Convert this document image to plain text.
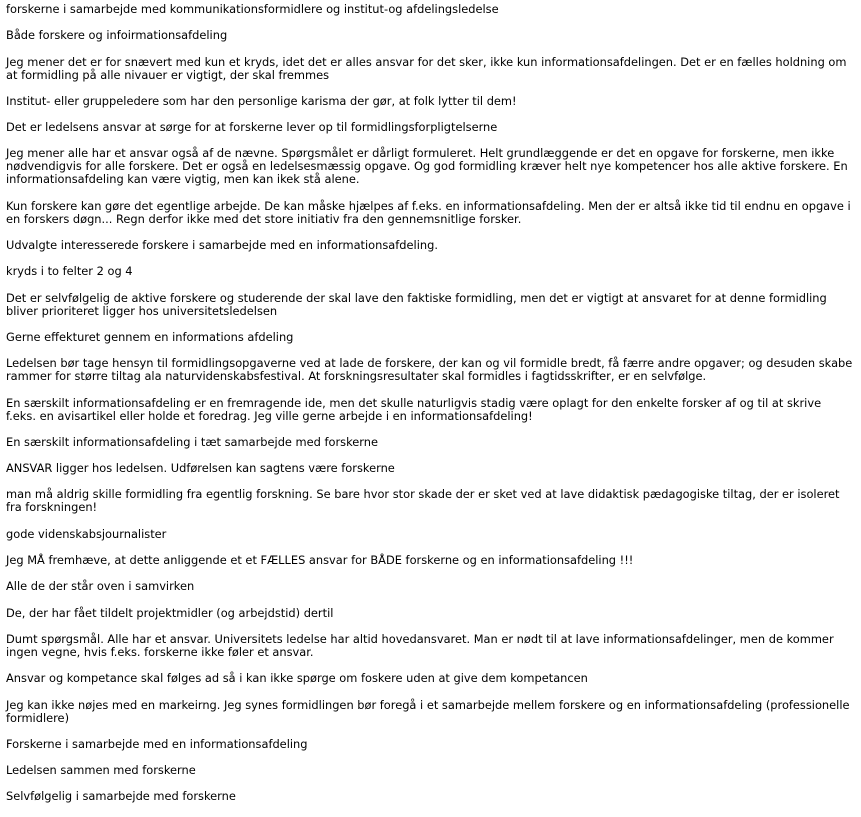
forskerne i samarbejde med kommunikationsformidlere og institut-og afdelingsledelse

Både forskere og infoirmationsafdeling

Jeg mener det er for snævert med kun et kryds, idet det er alles ansvar for det sker, ikke kun informationsafdelingen. Det er en fælles holdning om at formidling på alle nivauer er vigtigt, der skal fremmes

Institut- eller gruppeledere som har den personlige karisma der gør, at folk lytter til dem!

Det er ledelsens ansvar at sørge for at forskerne lever op til formidlingsforpligtelserne

Jeg mener alle har et ansvar også af de nævne. Spørgsmålet er dårligt formuleret. Helt grundlæggende er det en opgave for forskerne, men ikke nødvendigvis for alle forskere. Det er også en ledelsesmæssig opgave. Og god formidling kræver helt nye kompetencer hos alle aktive forskere. En informationsafdeling kan være vigtig, men kan ikek stå alene.

Kun forskere kan gøre det egentlige arbejde. De kan måske hjælpes af f.eks. en informationsafdeling. Men der er altså ikke tid til endnu en opgave i en forskers døgn... Regn derfor ikke med det store initiativ fra den gennemsnitlige forsker.

Udvalgte interesserede forskere i samarbejde med en informationsafdeling.

kryds i to felter 2 og 4

Det er selvfølgelig de aktive forskere og studerende der skal lave den faktiske formidling, men det er vigtigt at ansvaret for at denne formidling bliver prioriteret ligger hos universitetsledelsen

Gerne effekturet gennem en informations afdeling

Ledelsen bør tage hensyn til formidlingsopgaverne ved at lade de forskere, der kan og vil formidle bredt, få færre andre opgaver; og desuden skabe rammer for større tiltag ala naturvidenskabsfestival. At forskningsresultater skal formidles i fagtidsskrifter, er en selvfølge.

En særskilt informationsafdeling er en fremragende ide, men det skulle naturligvis stadig være oplagt for den enkelte forsker af og til at skrive f.eks. en avisartikel eller holde et foredrag. Jeg ville gerne arbejde i en informationsafdeling!

En særskilt informationsafdeling i tæt samarbejde med forskerne

ANSVAR ligger hos ledelsen. Udførelsen kan sagtens være forskerne

man må aldrig skille formidling fra egentlig forskning. Se bare hvor stor skade der er sket ved at lave didaktisk pædagogiske tiltag, der er isoleret fra forskningen!

gode videnskabsjournalister

Jeg MÅ fremhæve, at dette anliggende et et FÆLLES ansvar for BÅDE forskerne og en informationsafdeling !!!

Alle de der står oven i samvirken

De, der har fået tildelt projektmidler (og arbejdstid) dertil

Dumt spørgsmål. Alle har et ansvar. Universitets ledelse har altid hovedansvaret. Man er nødt til at lave informationsafdelinger, men de kommer ingen vegne, hvis f.eks. forskerne ikke føler et ansvar.

Ansvar og kompetance skal følges ad så i kan ikke spørge om foskere uden at give dem kompetancen

Jeg kan ikke nøjes med en markeirng. Jeg synes formidlingen bør foregå i et samarbejde mellem forskere og en informationsafdeling (professionelle formidlere)

Forskerne i samarbejde med en informationsafdeling

Ledelsen sammen med forskerne

Selvfølgelig i samarbejde med forskerne
